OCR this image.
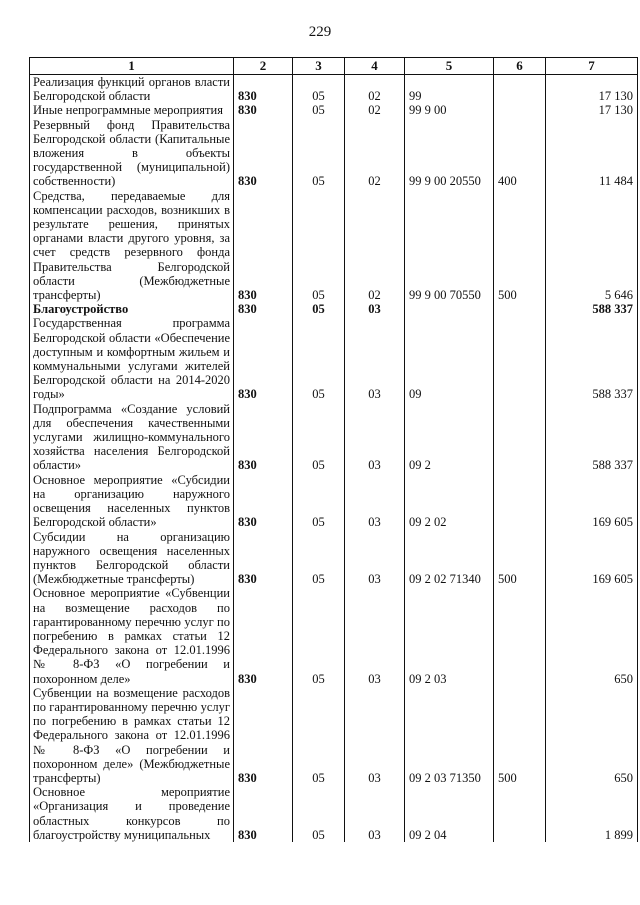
229
1	2	3	4	5	6	7
Реализация функций органов власти Белгородской области	830	05	02	99		17 130
Иные непрограммные мероприятия	830	05	02	99 9 00		17 130
Резервный фонд Правительства Белгородской области (Капитальные вложения в объекты государственной (муниципальной) собственности)	830	05	02	99 9 00 20550	400	11 484
Средства, передаваемые для компенсации расходов, возникших в результате решения, принятых органами власти другого уровня, за счет средств резервного фонда Правительства Белгородской области (Межбюджетные трансферты)	830	05	02	99 9 00 70550	500	5 646
Благоустройство	830	05	03			588 337
Государственная программа Белгородской области «Обеспечение доступным и комфортным жильем и коммунальными услугами жителей Белгородской области на 2014-2020 годы»	830	05	03	09		588 337
Подпрограмма «Создание условий для обеспечения качественными услугами жилищно-коммунального хозяйства населения Белгородской области»	830	05	03	09 2		588 337
Основное мероприятие «Субсидии на организацию наружного освещения населенных пунктов Белгородской области»	830	05	03	09 2 02		169 605
Субсидии на организацию наружного освещения населенных пунктов Белгородской области (Межбюджетные трансферты)	830	05	03	09 2 02 71340	500	169 605
Основное мероприятие «Субвенции на возмещение расходов по гарантированному перечню услуг по погребению в рамках статьи 12 Федерального закона от 12.01.1996 № 8-ФЗ «О погребении и похоронном деле»	830	05	03	09 2 03		650
Субвенции на возмещение расходов по гарантированному перечню услуг по погребению в рамках статьи 12 Федерального закона от 12.01.1996 № 8-ФЗ «О погребении и похоронном деле» (Межбюджетные трансферты)	830	05	03	09 2 03 71350	500	650
Основное мероприятие «Организация и проведение областных конкурсов по благоустройству муниципальных	830	05	03	09 2 04		1 899
